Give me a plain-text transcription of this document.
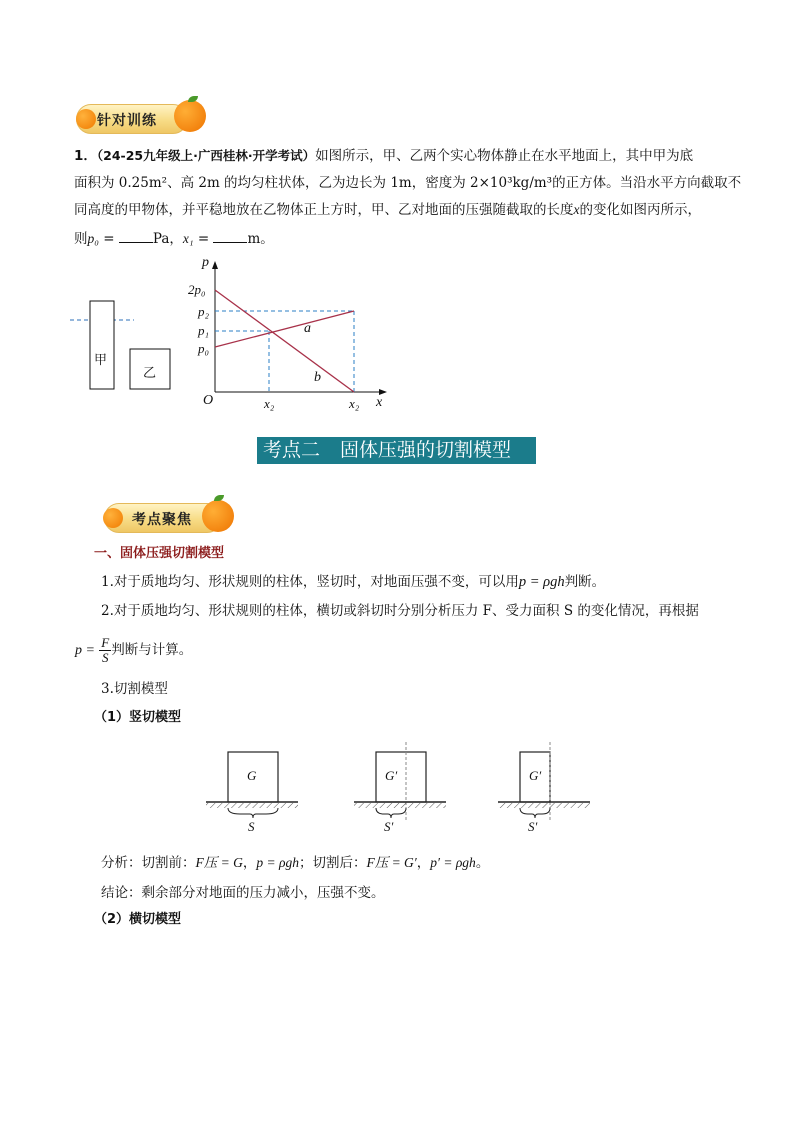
针对训练
1．（24-25九年级上·广西桂林·开学考试）如图所示，甲、乙两个实心物体静止在水平地面上，其中甲为底
面积为 0.25m²、高 2m 的均匀柱状体，乙为边长为 1m，密度为 2×10³kg/m³的正方体。当沿水平方向截取不
同高度的甲物体，并平稳地放在乙物体正上方时，甲、乙对地面的压强随截取的长度x的变化如图丙所示，
则p₀ =	Pa，x₁ =	m。
甲
乙
p
x
O
2p₀
p₂
p₁
p₀
x₂	x₂
a
b
考点二 固体压强的切割模型
考点聚焦
一、固体压强切割模型
1.对于质地均匀、形状规则的柱体，竖切时，对地面压强不变，可以用p = ρgh判断。
2.对于质地均匀、形状规则的柱体，横切或斜切时分别分析压力 F、受力面积 S 的变化情况，再根据
$p = \frac{F}{S}$ 判断与计算。
3.切割模型
（1）竖切模型
G
S
G′
S′
G′
S′
分析：切割前：F压 = G，p = ρgh；切割后：F压 = G′，p′ = ρgh。
结论：剩余部分对地面的压力减小，压强不变。
（2）横切模型
